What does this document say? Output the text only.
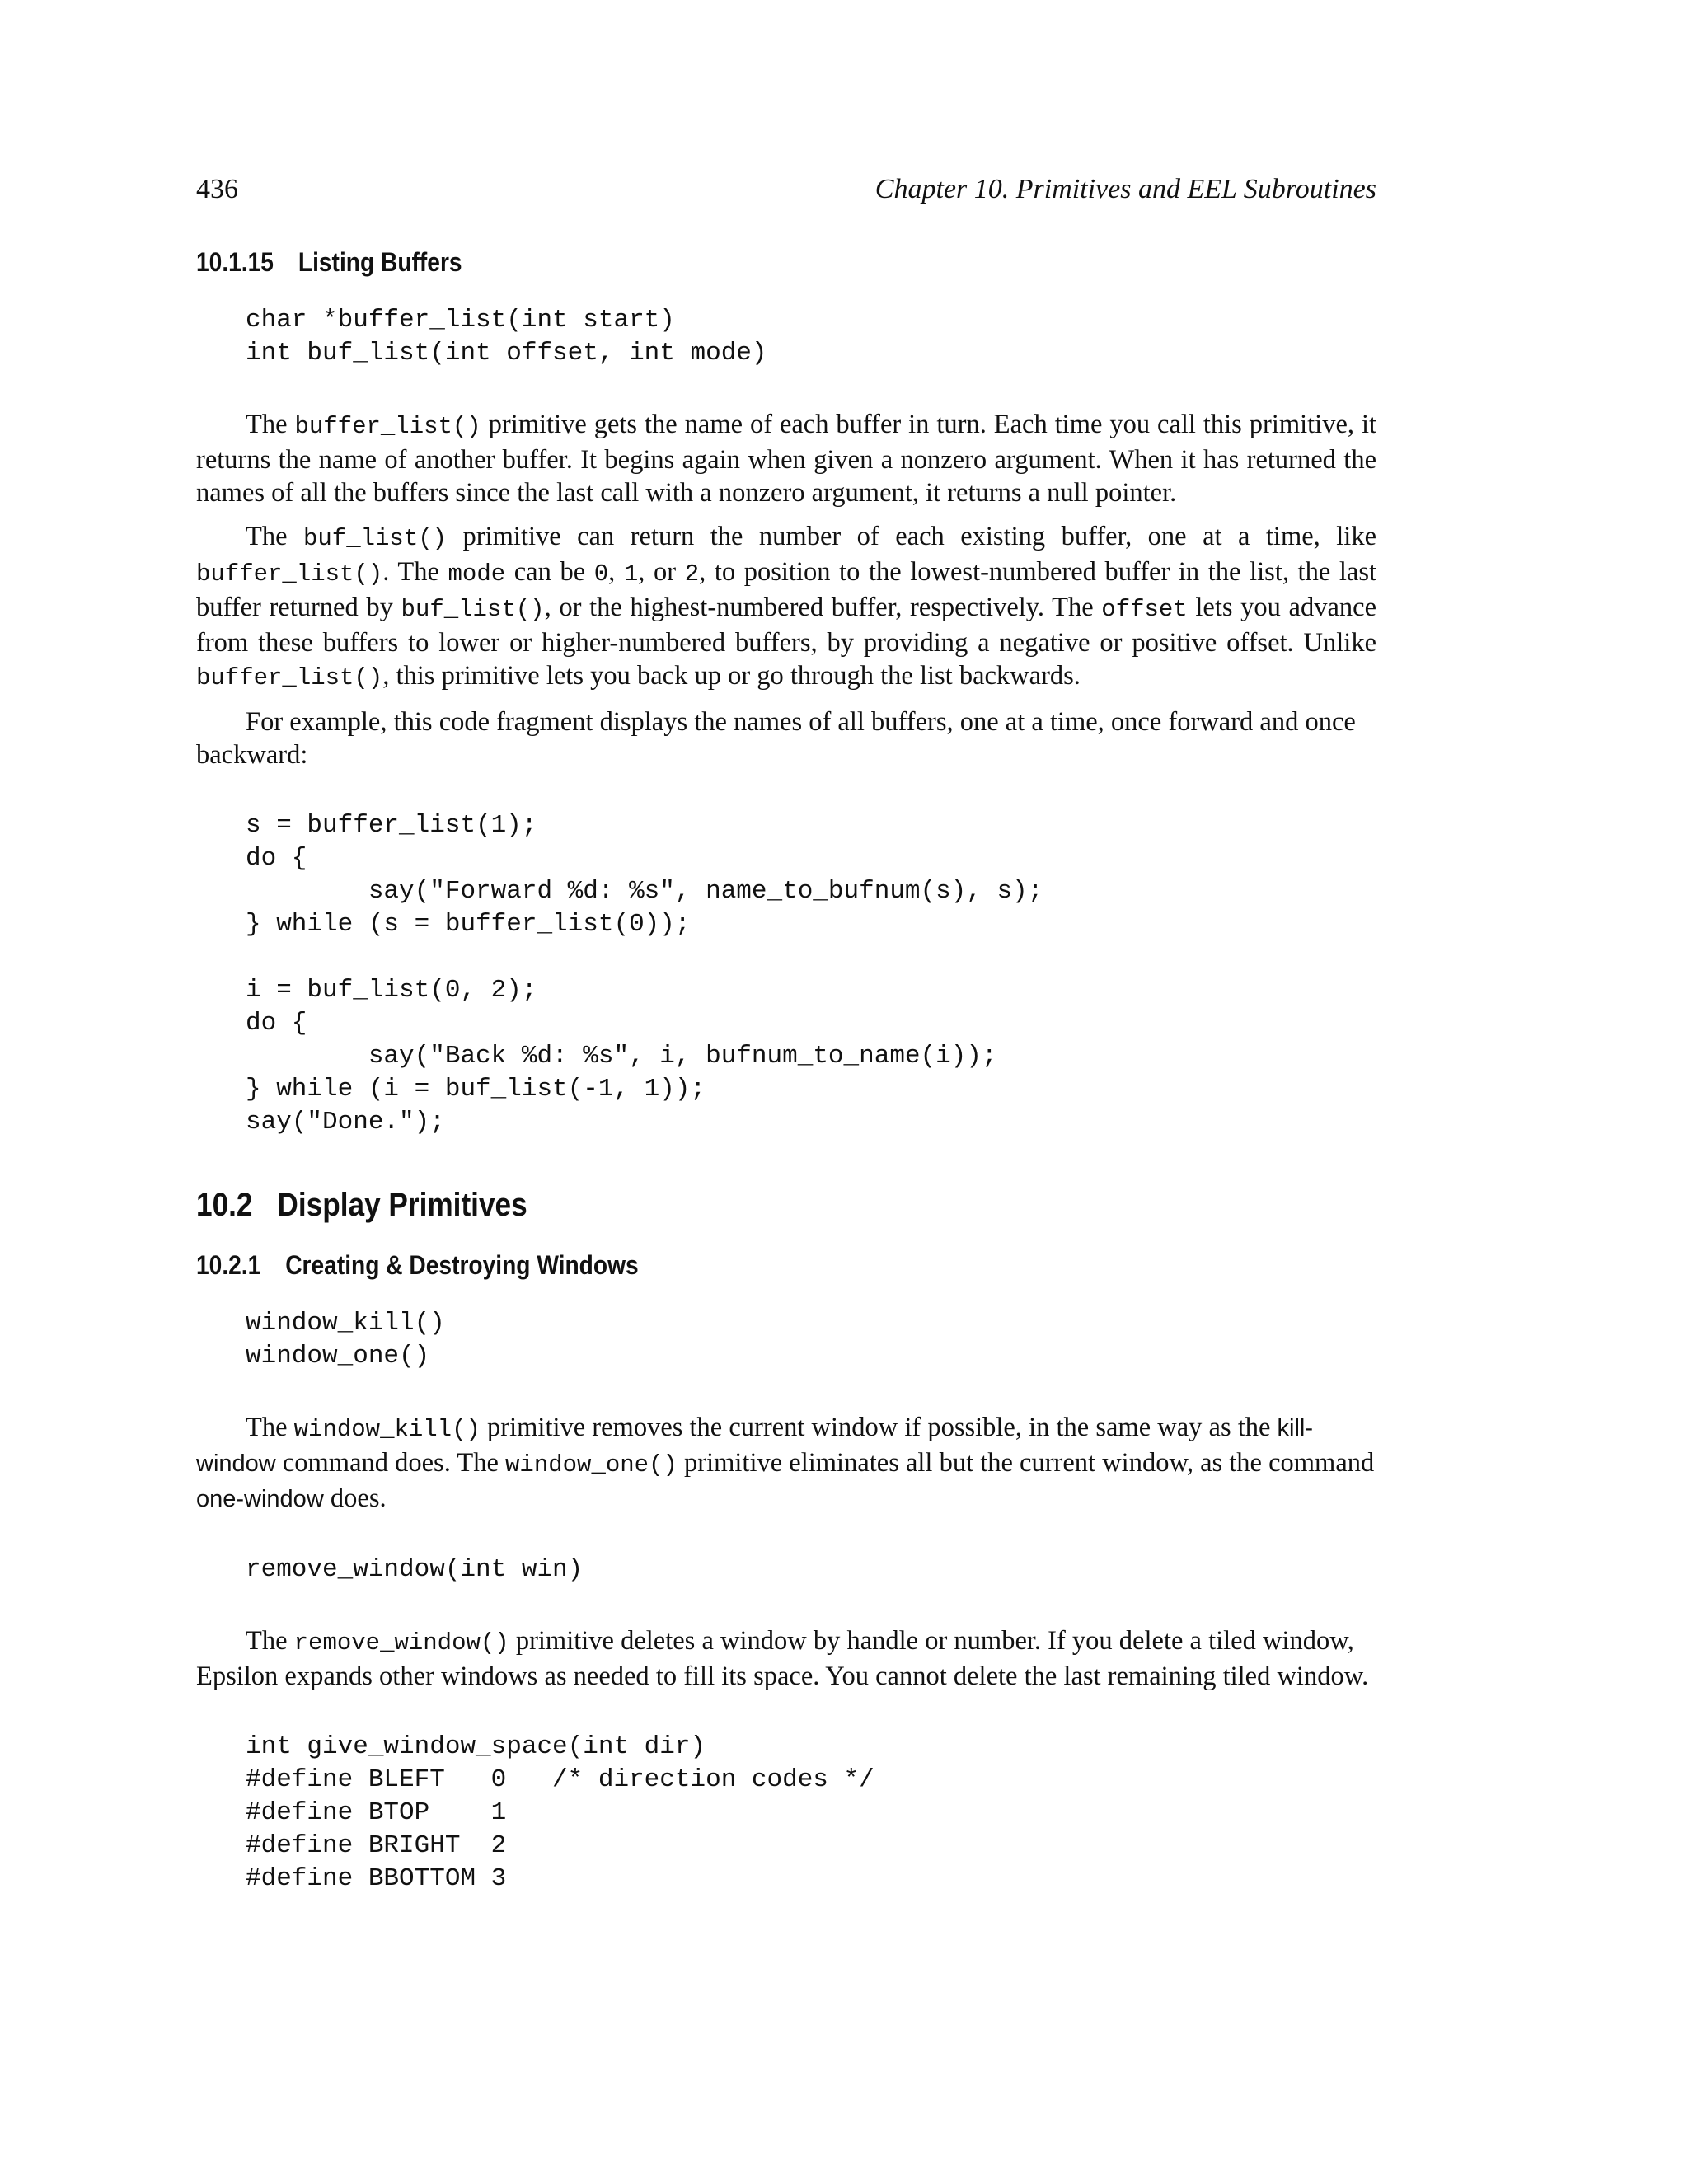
436	Chapter 10. Primitives and EEL Subroutines
10.1.15 Listing Buffers
char *buffer_list(int start)
int buf_list(int offset, int mode)

The buffer_list() primitive gets the name of each buffer in turn. Each time you call this primitive, it returns the name of another buffer. It begins again when given a nonzero argument. When it has returned the names of all the buffers since the last call with a nonzero argument, it returns a null pointer.

The buf_list() primitive can return the number of each existing buffer, one at a time, like buffer_list(). The mode can be 0, 1, or 2, to position to the lowest-numbered buffer in the list, the last buffer returned by buf_list(), or the highest-numbered buffer, respectively. The offset lets you advance from these buffers to lower or higher-numbered buffers, by providing a negative or positive offset. Unlike buffer_list(), this primitive lets you back up or go through the list backwards.

For example, this code fragment displays the names of all buffers, one at a time, once forward and once backward:

s = buffer_list(1);
do {
say("Forward %d: %s", name_to_bufnum(s), s);
} while (s = buffer_list(0));

i = buf_list(0, 2);
do {
say("Back %d: %s", i, bufnum_to_name(i));
} while (i = buf_list(-1, 1));
say("Done.");
10.2 Display Primitives
10.2.1 Creating & Destroying Windows
window_kill()
window_one()

The window_kill() primitive removes the current window if possible, in the same way as the kill-window command does. The window_one() primitive eliminates all but the current window, as the command one-window does.

remove_window(int win)

The remove_window() primitive deletes a window by handle or number. If you delete a tiled window, Epsilon expands other windows as needed to fill its space. You cannot delete the last remaining tiled window.

int give_window_space(int dir)
#define BLEFT   0   /* direction codes */
#define BTOP    1
#define BRIGHT  2
#define BBOTTOM 3
